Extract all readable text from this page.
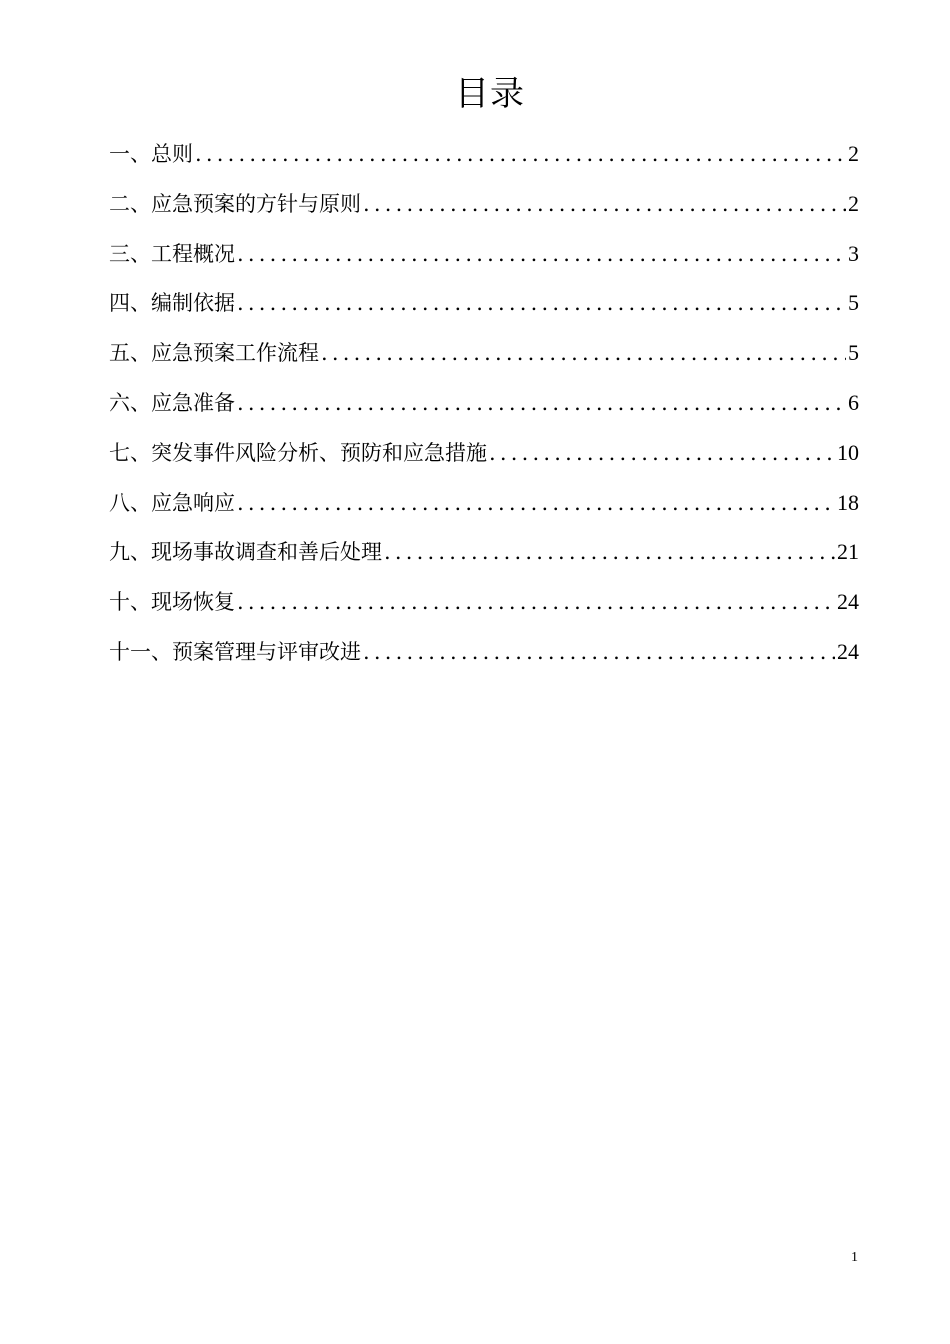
目录
一、总则 .....	2
二、应急预案的方针与原则 .....	2
三、工程概况 .....	3
四、编制依据 .....	5
五、应急预案工作流程 .....	5
六、应急准备 .....	6
七、突发事件风险分析、预防和应急措施 .....	10
八、应急响应 .....	18
九、现场事故调查和善后处理 .....	21
十、现场恢复 .....	24
十一、预案管理与评审改进 .....	24
1
